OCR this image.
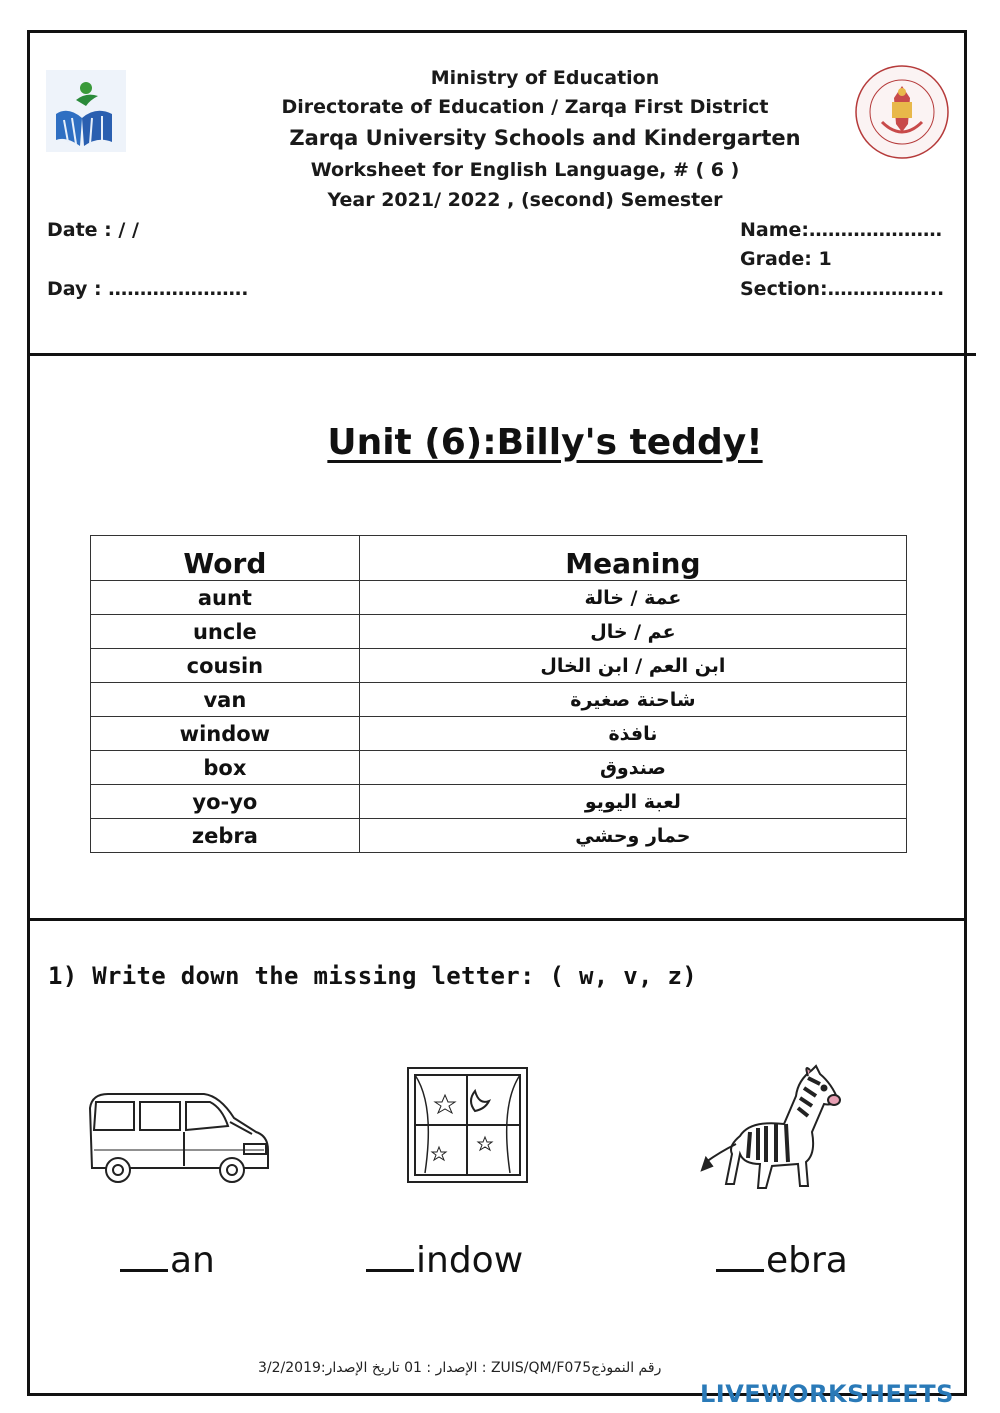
Ministry of Education
Directorate of Education / Zarqa First District
Zarqa University Schools and Kindergarten
Worksheet for English Language, # ( 6 )
Year 2021/ 2022 , (second) Semester
Date : / /
Day : ………………….
Name:…………………
Grade: 1
Section:……………...
Unit (6):Billy's teddy!
Word	Meaning
aunt	عمة / خالة
uncle	عم / خال
cousin	ابن العم / ابن الخال
van	شاحنة صغيرة
window	نافذة
box	صندوق
yo-yo	لعبة اليويو
zebra	حمار وحشي
1) Write down the missing letter: ( w, v, z)
an	indow	ebra
رقم النموذجZUIS/QM/F075 : الإصدار : 01 تاريخ الإصدار:3/2/2019
LIVEWORKSHEETS
